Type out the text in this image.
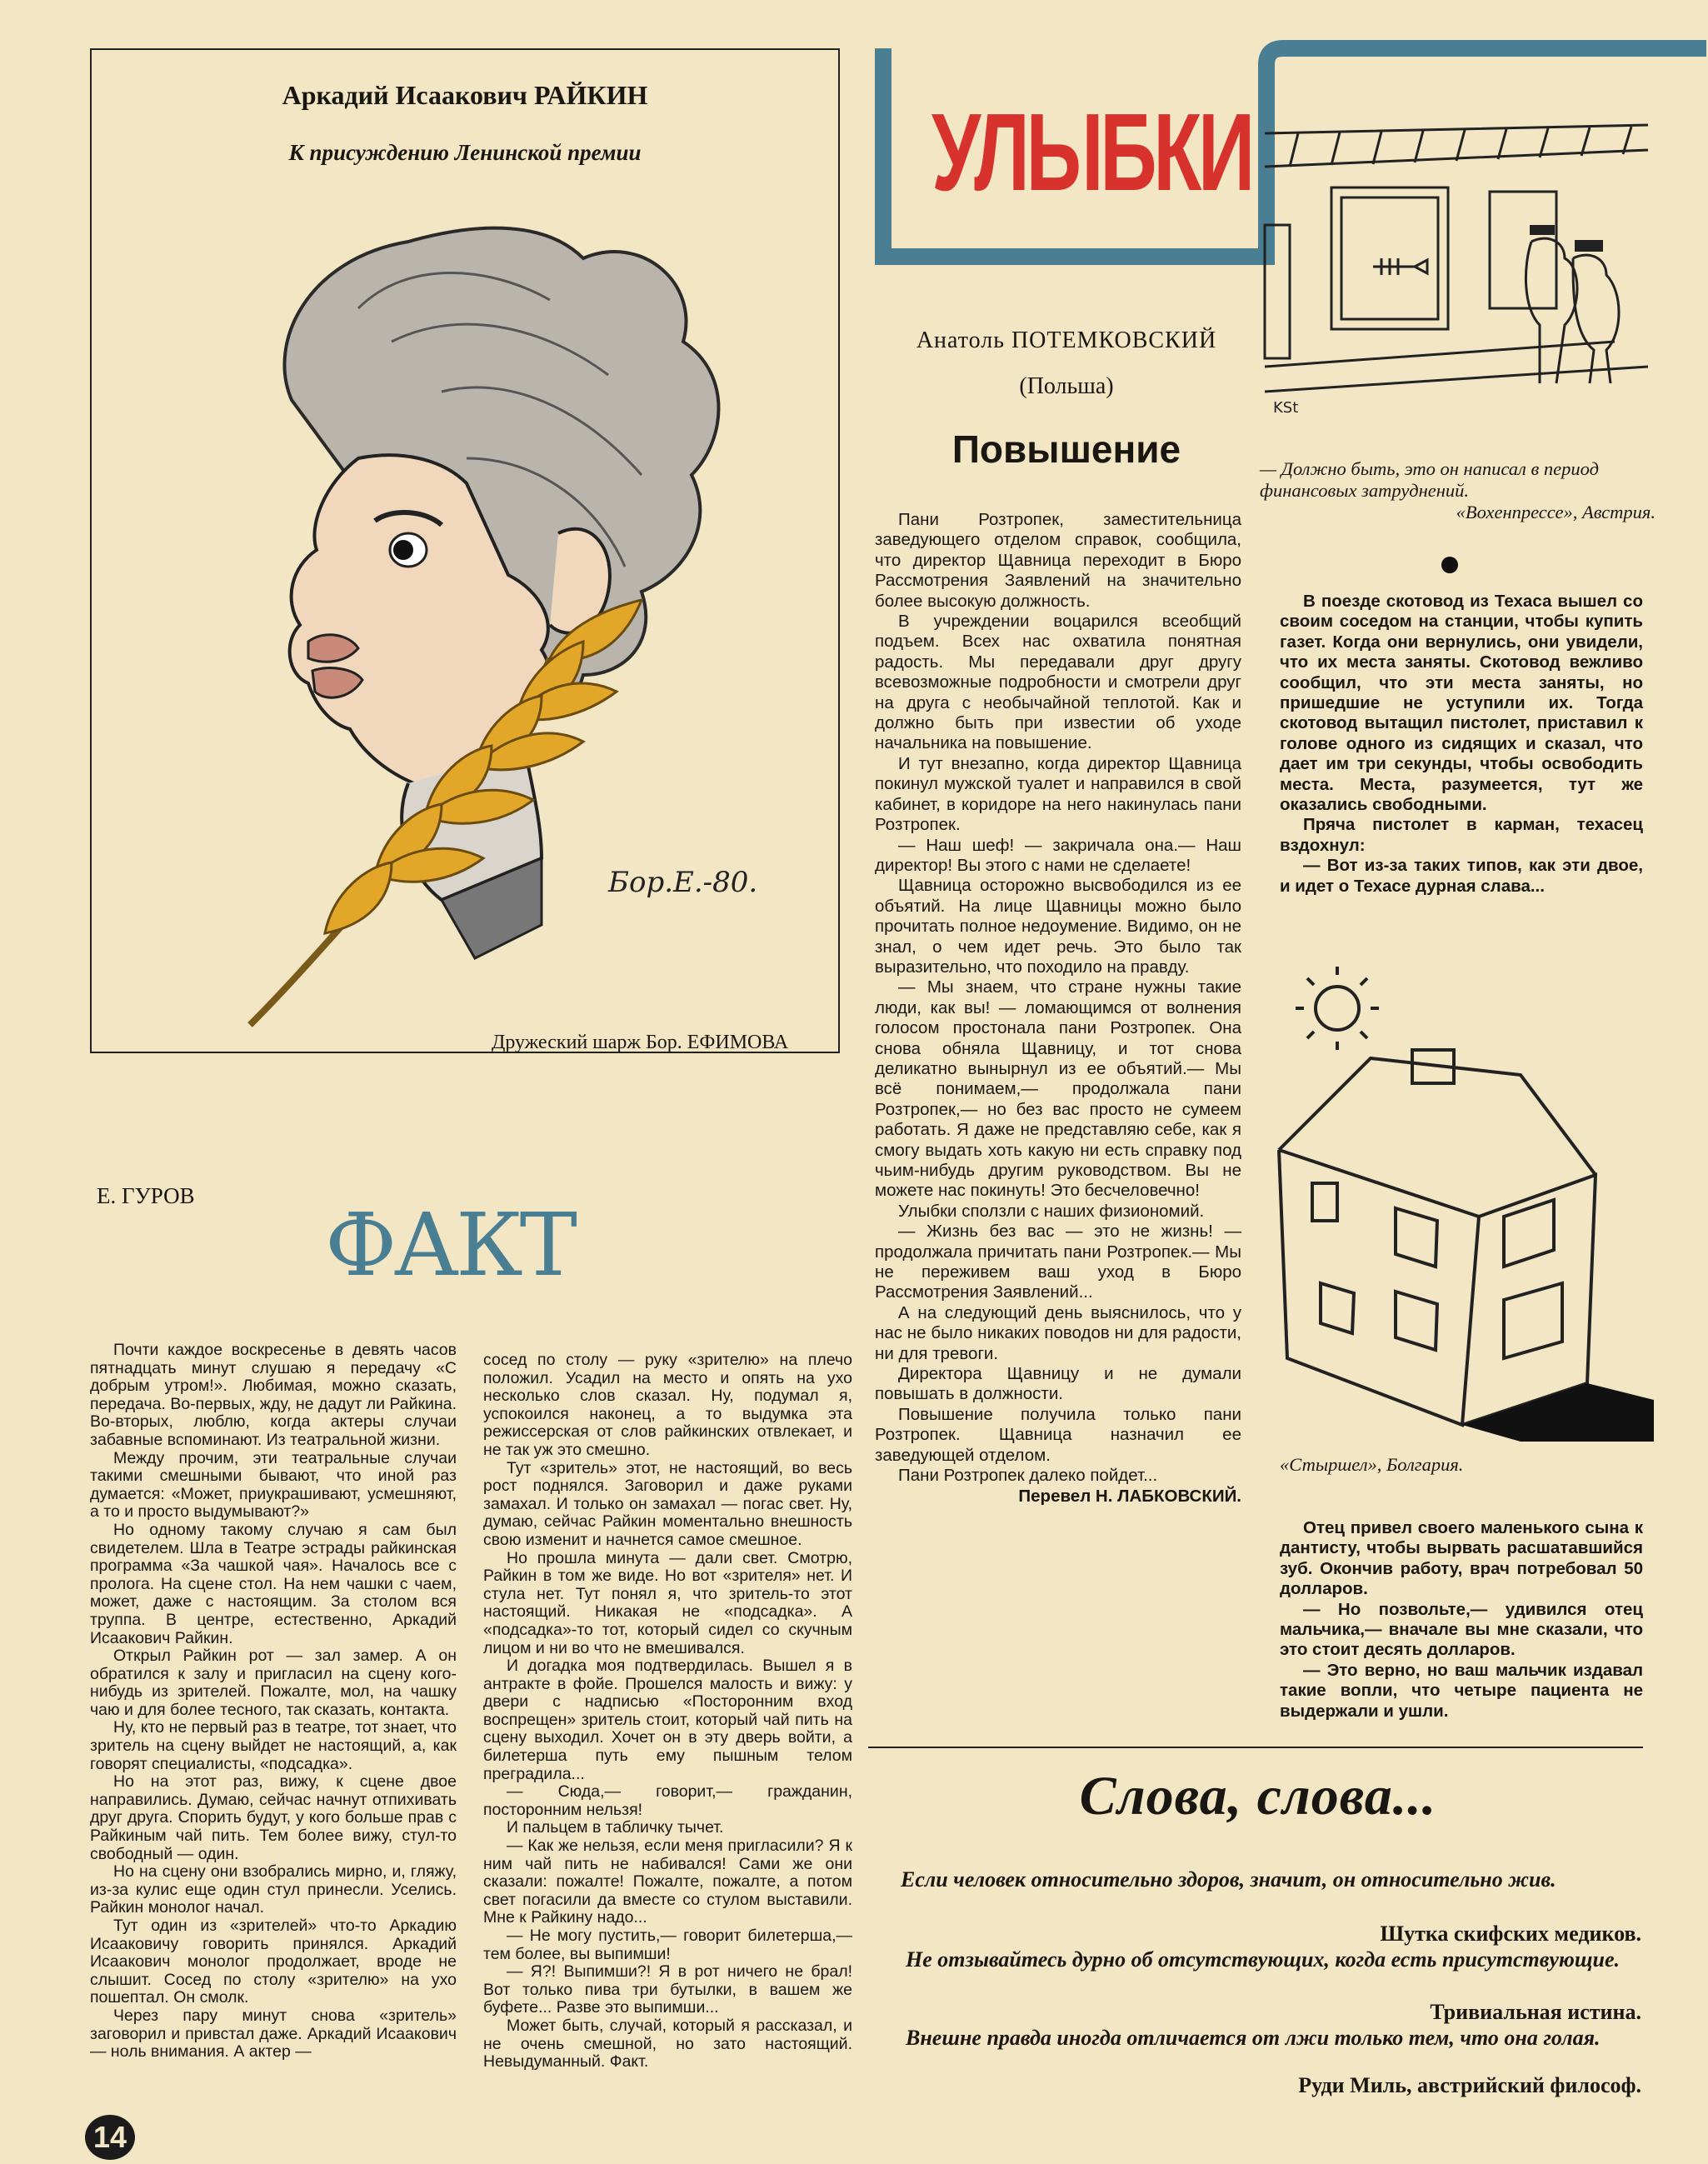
Аркадий Исаакович РАЙКИН
К присуждению Ленинской премии
Бор.Е.-80.
Дружеский шарж Бор. ЕФИМОВА
УЛЫБКИ
Анатоль ПОТЕМКОВСКИЙ
(Польша)
Повышение

Пани Розтропек, заместительница заведующего отделом справок, сообщила, что директор Щавница переходит в Бюро Рассмотрения Заявлений на значительно более высокую должность.

В учреждении воцарился всеобщий подъем. Всех нас охватила понятная радость. Мы передавали друг другу всевозможные подробности и смотрели друг на друга с необычайной теплотой. Как и должно быть при известии об уходе начальника на повышение.

И тут внезапно, когда директор Щавница покинул мужской туалет и направился в свой кабинет, в коридоре на него накинулась пани Розтропек.

— Наш шеф! — закричала она.— Наш директор! Вы этого с нами не сделаете!

Щавница осторожно высвободился из ее объятий. На лице Щавницы можно было прочитать полное недоумение. Видимо, он не знал, о чем идет речь. Это было так выразительно, что походило на правду.

— Мы знаем, что стране нужны такие люди, как вы! — ломающимся от волнения голосом простонала пани Розтропек. Она снова обняла Щавницу, и тот снова деликатно вынырнул из ее объятий.— Мы всё понимаем,— продолжала пани Розтропек,— но без вас просто не сумеем работать. Я даже не представляю себе, как я смогу выдать хоть какую ни есть справку под чьим-нибудь другим руководством. Вы не можете нас покинуть! Это бесчеловечно!

Улыбки сползли с наших физиономий.

— Жизнь без вас — это не жизнь! — продолжала причитать пани Розтропек.— Мы не переживем ваш уход в Бюро Рассмотрения Заявлений...

А на следующий день выяснилось, что у нас не было никаких поводов ни для радости, ни для тревоги.

Директора Щавницу и не думали повышать в должности.

Повышение получила только пани Розтропек. Щавница назначил ее заведующей отделом.

Пани Розтропек далеко пойдет...

Перевел Н. ЛАБКОВСКИЙ.

KSt
— Должно быть, это он написал в период финансовых затруднений.
«Вохенпрессе», Австрия.

В поезде скотовод из Техаса вышел со своим соседом на станции, чтобы купить газет. Когда они вернулись, они увидели, что их места заняты. Скотовод вежливо сообщил, что эти места заняты, но пришедшие не уступили их. Тогда скотовод вытащил пистолет, приставил к голове одного из сидящих и сказал, что дает им три секунды, чтобы освободить места. Места, разумеется, тут же оказались свободными.

Пряча пистолет в карман, техасец вздохнул:

— Вот из-за таких типов, как эти двое, и идет о Техасе дурная слава...

«Стыршел», Болгария.

Отец привел своего маленького сына к дантисту, чтобы вырвать расшатавшийся зуб. Окончив работу, врач потребовал 50 долларов.

— Но позвольте,— удивился отец мальчика,— вначале вы мне сказали, что это стоит десять долларов.

— Это верно, но ваш мальчик издавал такие вопли, что четыре пациента не выдержали и ушли.

Слова, слова...
Если человек относительно здоров, значит, он относительно жив.
Шутка скифских медиков.
Не отзывайтесь дурно об отсутствующих, когда есть присутствующие.
Тривиальная истина.
Внешне правда иногда отличается от лжи только тем, что она голая.
Руди Миль, австрийский философ.
Е. ГУРОВ ФАКТ

Почти каждое воскресенье в девять часов пятнадцать минут слушаю я передачу «С добрым утром!». Любимая, можно сказать, передача. Во-первых, жду, не дадут ли Райкина. Во-вторых, люблю, когда актеры случаи забавные вспоминают. Из театральной жизни.

Между прочим, эти театральные случаи такими смешными бывают, что иной раз думается: «Может, приукрашивают, усмешняют, а то и просто выдумывают?»

Но одному такому случаю я сам был свидетелем. Шла в Театре эстрады райкинская программа «За чашкой чая». Началось все с пролога. На сцене стол. На нем чашки с чаем, может, даже с настоящим. За столом вся труппа. В центре, естественно, Аркадий Исаакович Райкин.

Открыл Райкин рот — зал замер. А он обратился к залу и пригласил на сцену кого-нибудь из зрителей. Пожалте, мол, на чашку чаю и для более тесного, так сказать, контакта.

Ну, кто не первый раз в театре, тот знает, что зритель на сцену выйдет не настоящий, а, как говорят специалисты, «подсадка».

Но на этот раз, вижу, к сцене двое направились. Думаю, сейчас начнут отпихивать друг друга. Спорить будут, у кого больше прав с Райкиным чай пить. Тем более вижу, стул-то свободный — один.

Но на сцену они взобрались мирно, и, гляжу, из-за кулис еще один стул принесли. Уселись. Райкин монолог начал.

Тут один из «зрителей» что-то Аркадию Исааковичу говорить принялся. Аркадий Исаакович монолог продолжает, вроде не слышит. Сосед по столу «зрителю» на ухо пошептал. Он смолк.

Через пару минут снова «зритель» заговорил и привстал даже. Аркадий Исаакович — ноль внимания. А актер —

сосед по столу — руку «зрителю» на плечо положил. Усадил на место и опять на ухо несколько слов сказал. Ну, подумал я, успокоился наконец, а то выдумка эта режиссерская от слов райкинских отвлекает, и не так уж это смешно.

Тут «зритель» этот, не настоящий, во весь рост поднялся. Заговорил и даже руками замахал. И только он замахал — погас свет. Ну, думаю, сейчас Райкин моментально внешность свою изменит и начнется самое смешное.

Но прошла минута — дали свет. Смотрю, Райкин в том же виде. Но вот «зрителя» нет. И стула нет. Тут понял я, что зритель-то этот настоящий. Никакая не «подсадка». А «подсадка»-то тот, который сидел со скучным лицом и ни во что не вмешивался.

И догадка моя подтвердилась. Вышел я в антракте в фойе. Прошелся малость и вижу: у двери с надписью «Посторонним вход воспрещен» зритель стоит, который чай пить на сцену выходил. Хочет он в эту дверь войти, а билетерша путь ему пышным телом преградила...

— Сюда,— говорит,— гражданин, посторонним нельзя!

И пальцем в табличку тычет.

— Как же нельзя, если меня пригласили? Я к ним чай пить не набивался! Сами же они сказали: пожалте! Пожалте, пожалте, а потом свет погасили да вместе со стулом выставили. Мне к Райкину надо...

— Не могу пустить,— говорит билетерша,— тем более, вы выпимши!

— Я?! Выпимши?! Я в рот ничего не брал! Вот только пива три бутылки, в вашем же буфете... Разве это выпимши...

Может быть, случай, который я рассказал, и не очень смешной, но зато настоящий. Невыдуманный. Факт.

14
